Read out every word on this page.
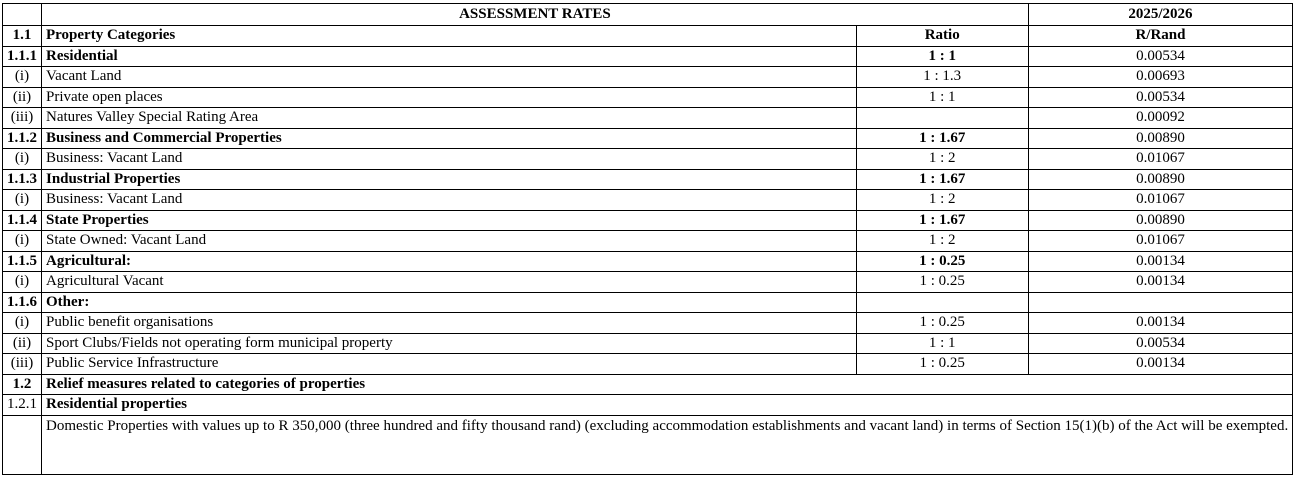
	ASSESSMENT RATES		2025/2026
1.1	Property Categories	Ratio	R/Rand
1.1.1	Residential	1 : 1	0.00534
(i)	Vacant Land	1 : 1.3	0.00693
(ii)	Private open places	1 : 1	0.00534
(iii)	Natures Valley Special Rating Area		0.00092
1.1.2	Business and Commercial Properties	1 : 1.67	0.00890
(i)	Business: Vacant Land	1 : 2	0.01067
1.1.3	Industrial Properties	1 : 1.67	0.00890
(i)	Business: Vacant Land	1 : 2	0.01067
1.1.4	State Properties	1 : 1.67	0.00890
(i)	State Owned: Vacant Land	1 : 2	0.01067
1.1.5	Agricultural:	1 : 0.25	0.00134
(i)	Agricultural Vacant	1 : 0.25	0.00134
1.1.6	Other:		
(i)	Public benefit organisations	1 : 0.25	0.00134
(ii)	Sport Clubs/Fields not operating form municipal property	1 : 1	0.00534
(iii)	Public Service Infrastructure	1 : 0.25	0.00134
1.2	Relief measures related to categories of properties		
1.2.1	Residential properties		
	Domestic Properties with values up to R 350,000 (three hundred and fifty thousand rand) (excluding accommodation establishments and vacant land) in terms of Section 15(1)(b) of the Act will be exempted.		
